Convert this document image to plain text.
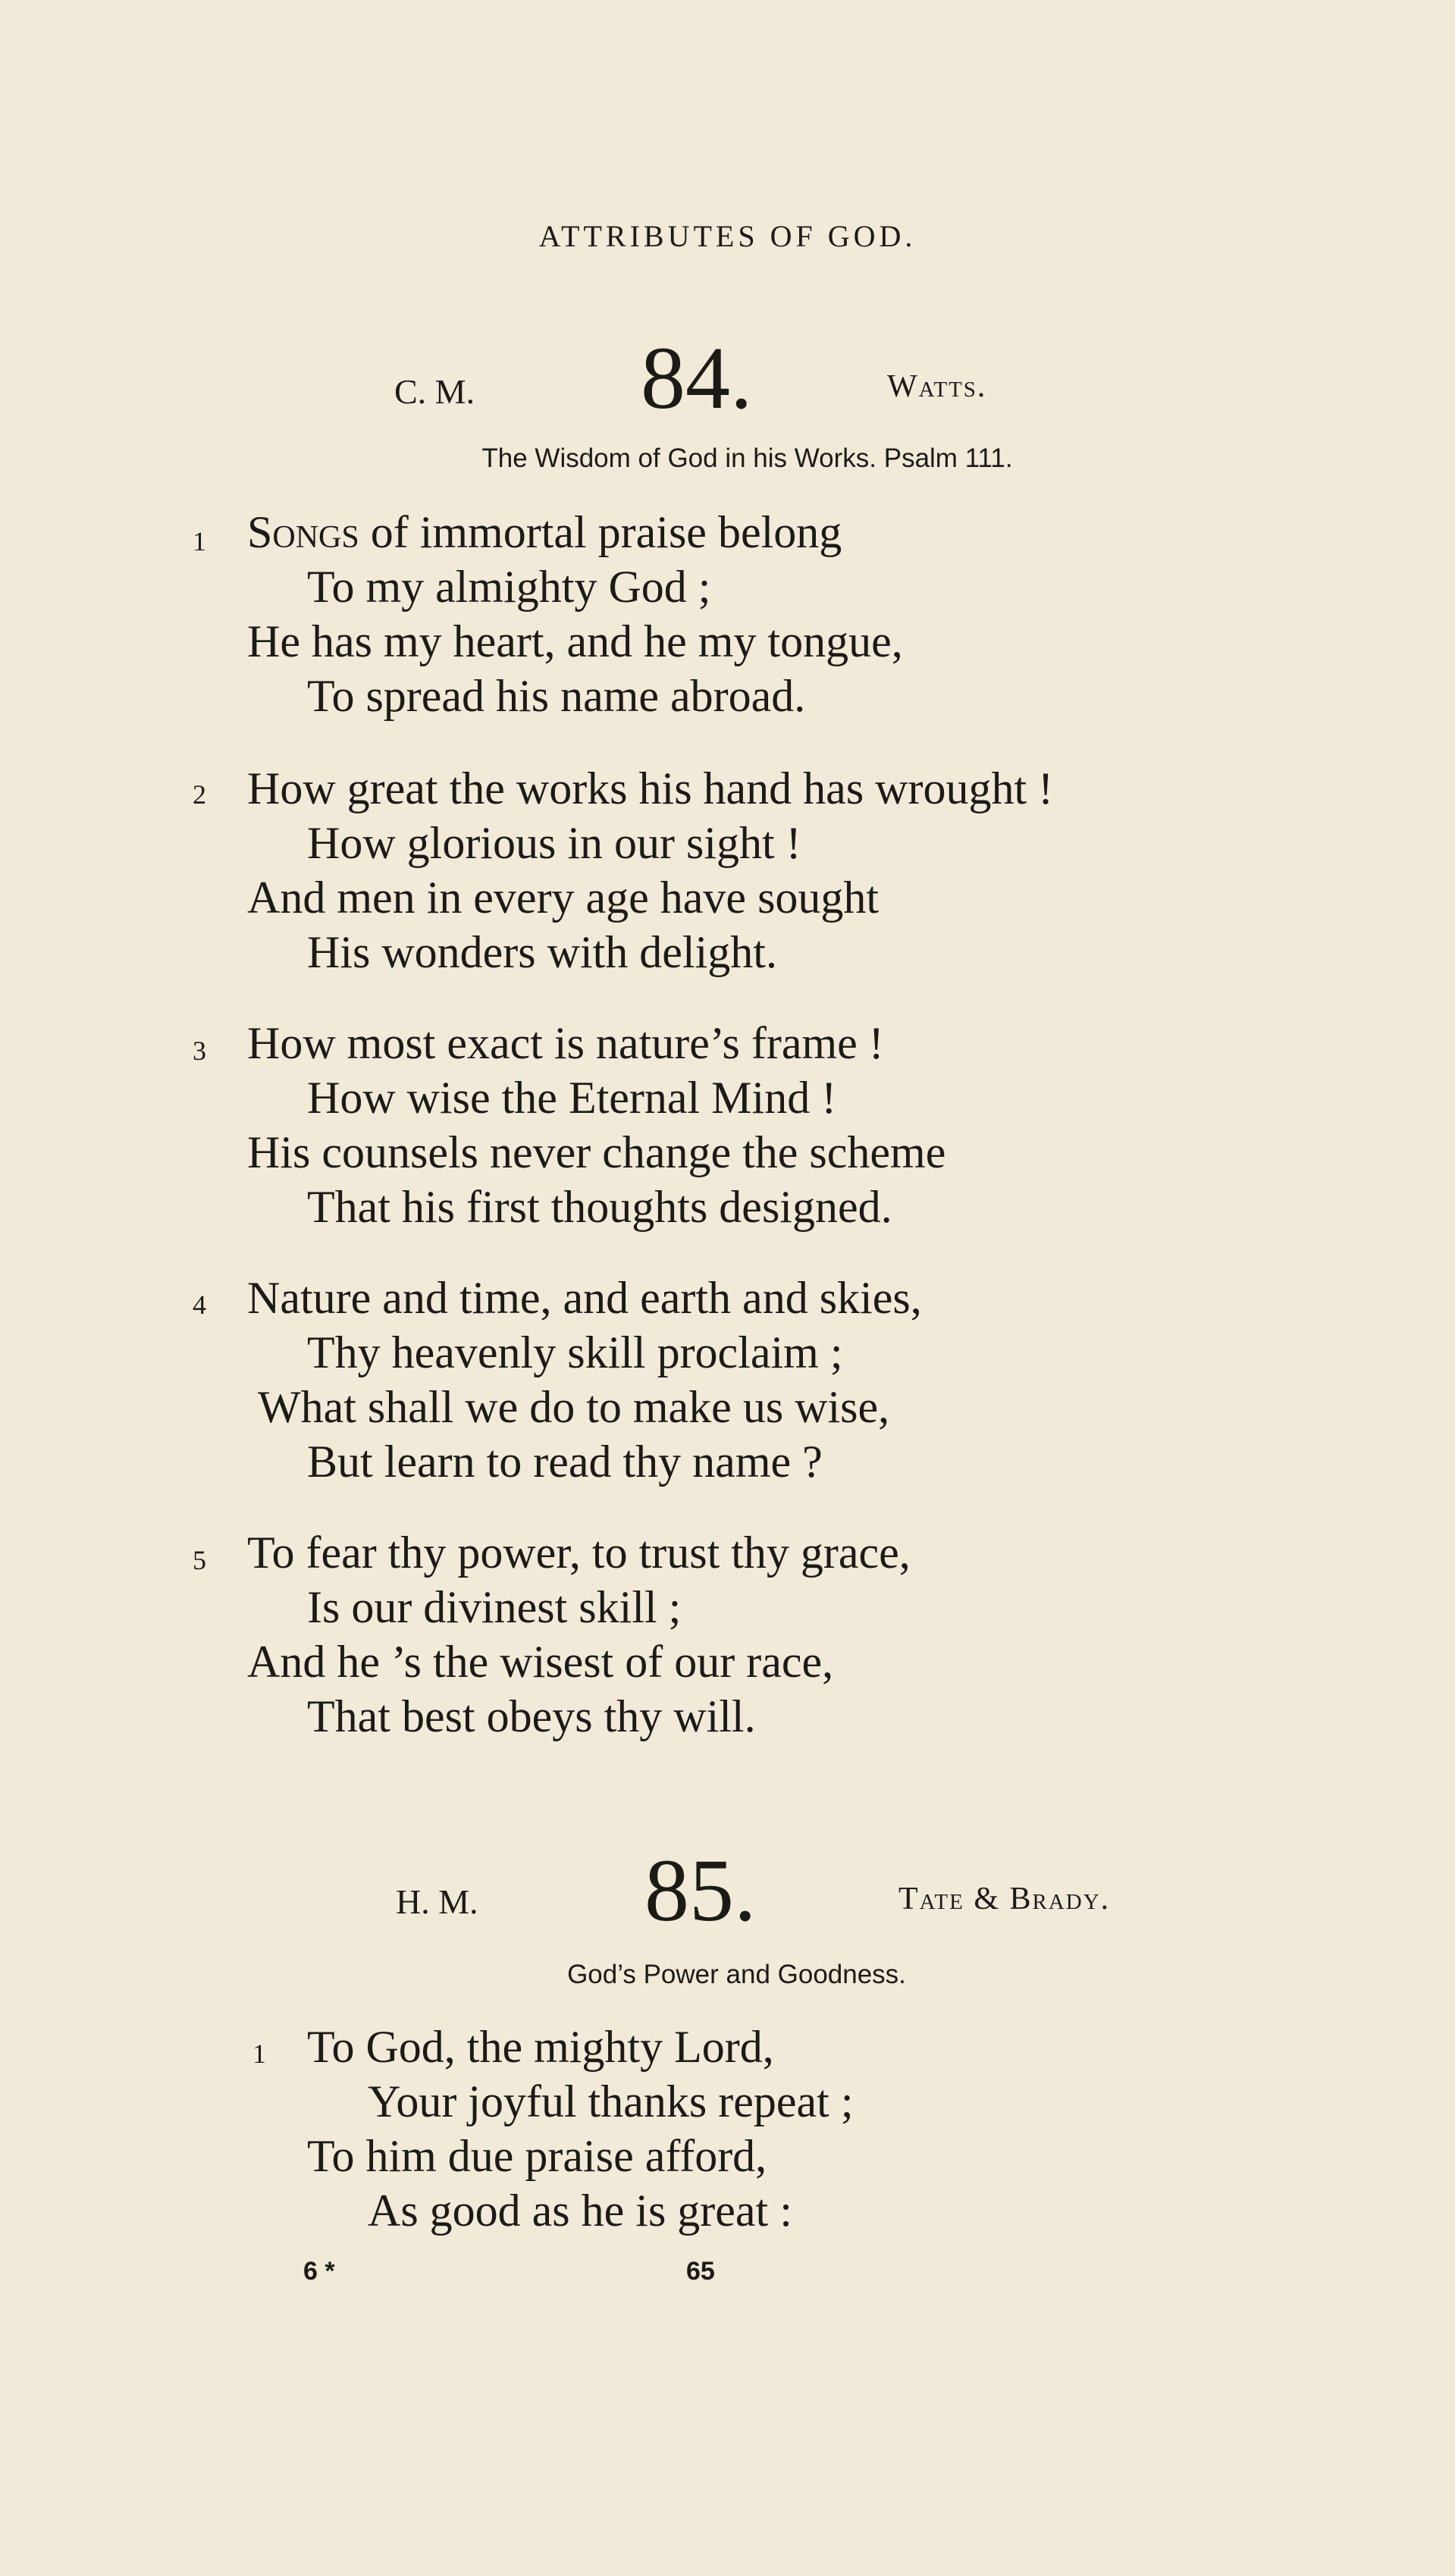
ATTRIBUTES OF GOD.
C. M. 84.	Watts.
The Wisdom of God in his Works. Psalm 111.
1 Songs of immortal praise belong
To my almighty God ;
He has my heart, and he my tongue,
To spread his name abroad.
2 How great the works his hand has wrought !
How glorious in our sight !
And men in every age have sought
His wonders with delight.
3 How most exact is nature’s frame !
How wise the Eternal Mind !
His counsels never change the scheme
That his first thoughts designed.
4 Nature and time, and earth and skies,
Thy heavenly skill proclaim ;
What shall we do to make us wise,
But learn to read thy name ?
5 To fear thy power, to trust thy grace,
Is our divinest skill ;
And he ’s the wisest of our race,
That best obeys thy will.
H. M. 85.	Tate & Brady.
God’s Power and Goodness.
1 To God, the mighty Lord,
Your joyful thanks repeat ;
To him due praise afford,
As good as he is great :
6 *	65
